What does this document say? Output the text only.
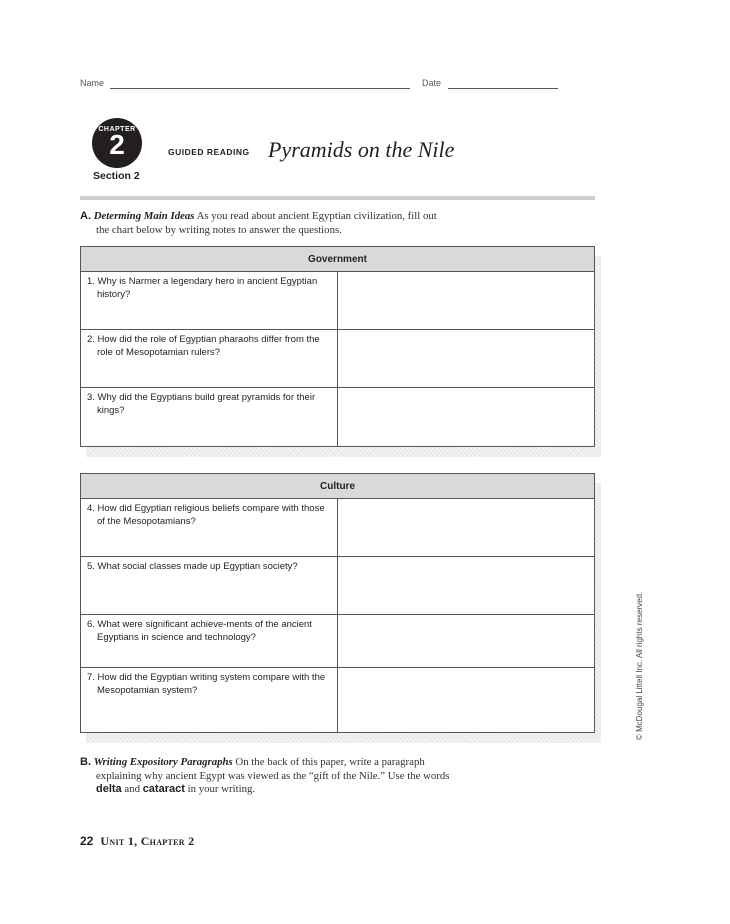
Name	Date
CHAPTER
2
Section 2
GUIDED READING Pyramids on the Nile
A. Determing Main Ideas As you read about ancient Egyptian civilization, fill out
the chart below by writing notes to answer the questions.
Government	

1. Why is Narmer a legendary hero in ancient Egyptian history?	

2. How did the role of Egyptian pharaohs differ from the role of Mesopotamian rulers?	

3. Why did the Egyptians build great pyramids for their kings?	

Culture	

4. How did Egyptian religious beliefs compare with those of the Mesopotamians?	

5. What social classes made up Egyptian society?	

6. What were significant achieve-ments of the ancient Egyptians in science and technology?	

7. How did the Egyptian writing system compare with the Mesopotamian system?	
		© McDougal Littell Inc. All rights reserved.
B. Writing Expository Paragraphs On the back of this paper, write a paragraph
explaining why ancient Egypt was viewed as the “gift of the Nile.” Use the words
delta and cataract in your writing.
22 Unit 1, Chapter 2
